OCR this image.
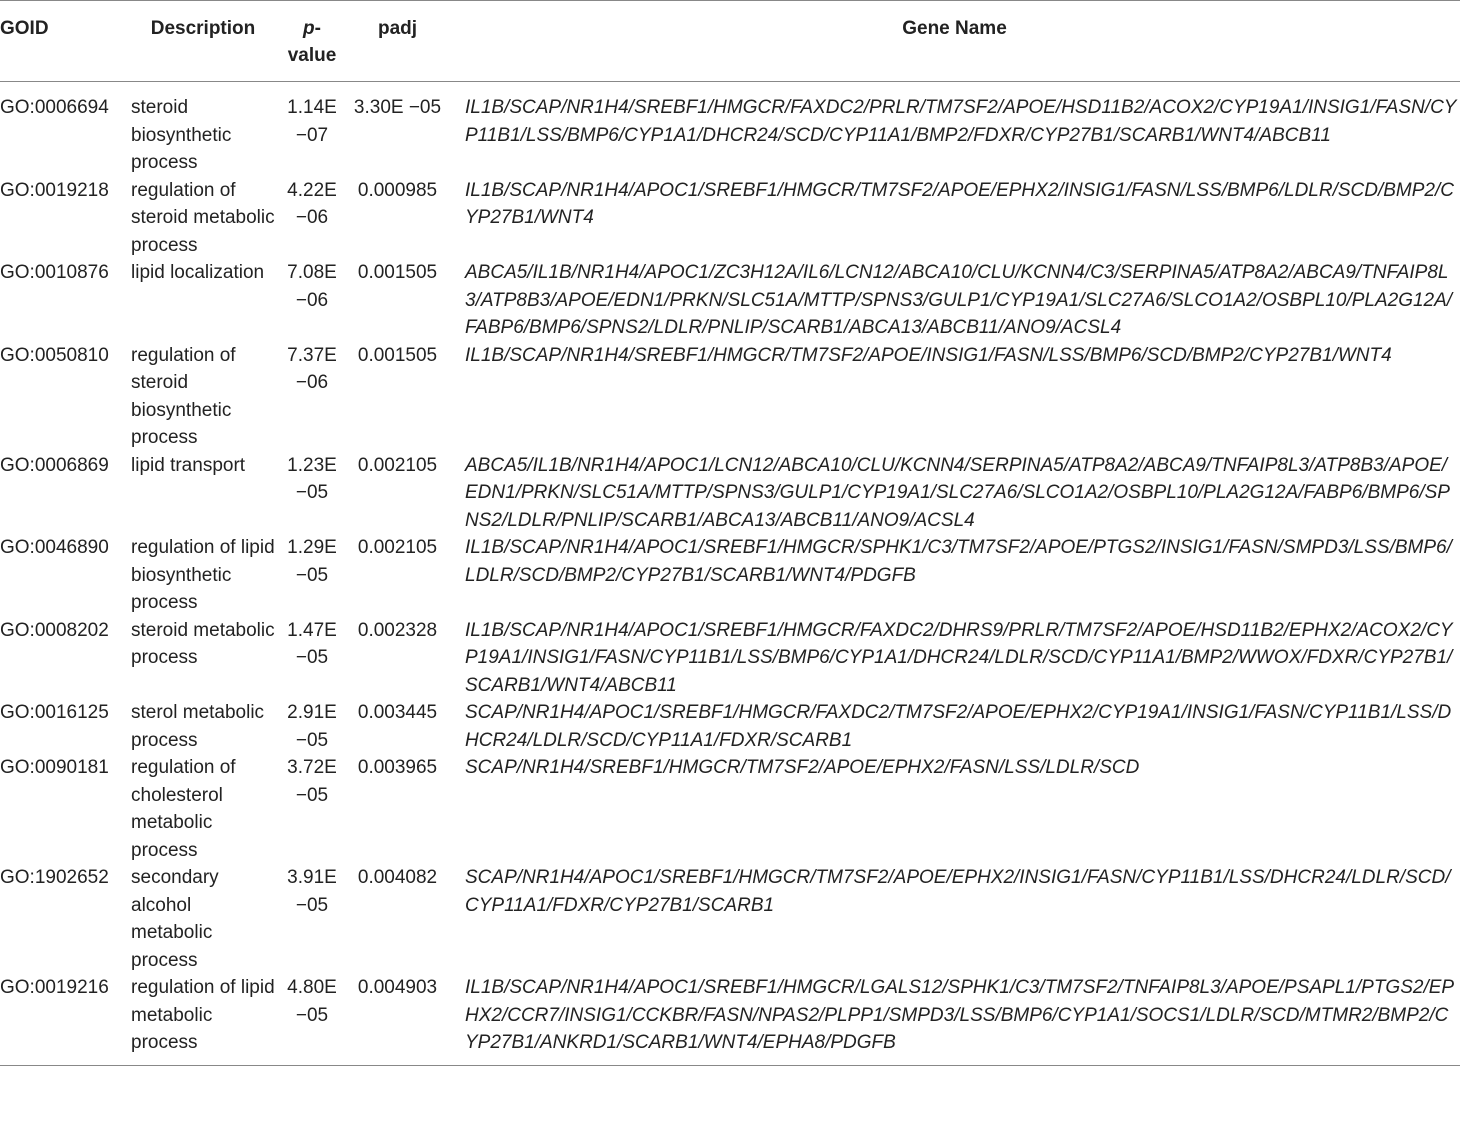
GOID	Description	p-value	padj	Gene Name
GO:0006694	steroid biosynthetic process	1.14E −07	3.30E −05	IL1B/SCAP/NR1H4/SREBF1/HMGCR/FAXDC2/PRLR/TM7SF2/APOE/HSD11B2/ACOX2/CYP19A1/INSIG1/FASN/CYP11B1/LSS/BMP6/CYP1A1/DHCR24/SCD/CYP11A1/BMP2/FDXR/CYP27B1/SCARB1/WNT4/ABCB11
GO:0019218	regulation of steroid metabolic process	4.22E −06	0.000985	IL1B/SCAP/NR1H4/APOC1/SREBF1/HMGCR/TM7SF2/APOE/EPHX2/INSIG1/FASN/LSS/BMP6/LDLR/SCD/BMP2/CYP27B1/WNT4
GO:0010876	lipid localization	7.08E −06	0.001505	ABCA5/IL1B/NR1H4/APOC1/ZC3H12A/IL6/LCN12/ABCA10/CLU/KCNN4/C3/SERPINA5/ATP8A2/ABCA9/TNFAIP8L3/ATP8B3/APOE/EDN1/PRKN/SLC51A/MTTP/SPNS3/GULP1/CYP19A1/SLC27A6/SLCO1A2/OSBPL10/PLA2G12A/FABP6/BMP6/SPNS2/LDLR/PNLIP/SCARB1/ABCA13/ABCB11/ANO9/ACSL4
GO:0050810	regulation of steroid biosynthetic process	7.37E −06	0.001505	IL1B/SCAP/NR1H4/SREBF1/HMGCR/TM7SF2/APOE/INSIG1/FASN/LSS/BMP6/SCD/BMP2/CYP27B1/WNT4
GO:0006869	lipid transport	1.23E −05	0.002105	ABCA5/IL1B/NR1H4/APOC1/LCN12/ABCA10/CLU/KCNN4/SERPINA5/ATP8A2/ABCA9/TNFAIP8L3/ATP8B3/APOE/EDN1/PRKN/SLC51A/MTTP/SPNS3/GULP1/CYP19A1/SLC27A6/SLCO1A2/OSBPL10/PLA2G12A/FABP6/BMP6/SPNS2/LDLR/PNLIP/SCARB1/ABCA13/ABCB11/ANO9/ACSL4
GO:0046890	regulation of lipid biosynthetic process	1.29E −05	0.002105	IL1B/SCAP/NR1H4/APOC1/SREBF1/HMGCR/SPHK1/C3/TM7SF2/APOE/PTGS2/INSIG1/FASN/SMPD3/LSS/BMP6/LDLR/SCD/BMP2/CYP27B1/SCARB1/WNT4/PDGFB
GO:0008202	steroid metabolic process	1.47E −05	0.002328	IL1B/SCAP/NR1H4/APOC1/SREBF1/HMGCR/FAXDC2/DHRS9/PRLR/TM7SF2/APOE/HSD11B2/EPHX2/ACOX2/CYP19A1/INSIG1/FASN/CYP11B1/LSS/BMP6/CYP1A1/DHCR24/LDLR/SCD/CYP11A1/BMP2/WWOX/FDXR/CYP27B1/SCARB1/WNT4/ABCB11
GO:0016125	sterol metabolic process	2.91E −05	0.003445	SCAP/NR1H4/APOC1/SREBF1/HMGCR/FAXDC2/TM7SF2/APOE/EPHX2/CYP19A1/INSIG1/FASN/CYP11B1/LSS/DHCR24/LDLR/SCD/CYP11A1/FDXR/SCARB1
GO:0090181	regulation of cholesterol metabolic process	3.72E −05	0.003965	SCAP/NR1H4/SREBF1/HMGCR/TM7SF2/APOE/EPHX2/FASN/LSS/LDLR/SCD
GO:1902652	secondary alcohol metabolic process	3.91E −05	0.004082	SCAP/NR1H4/APOC1/SREBF1/HMGCR/TM7SF2/APOE/EPHX2/INSIG1/FASN/CYP11B1/LSS/DHCR24/LDLR/SCD/CYP11A1/FDXR/CYP27B1/SCARB1
GO:0019216	regulation of lipid metabolic process	4.80E −05	0.004903	IL1B/SCAP/NR1H4/APOC1/SREBF1/HMGCR/LGALS12/SPHK1/C3/TM7SF2/TNFAIP8L3/APOE/PSAPL1/PTGS2/EPHX2/CCR7/INSIG1/CCKBR/FASN/NPAS2/PLPP1/SMPD3/LSS/BMP6/CYP1A1/SOCS1/LDLR/SCD/MTMR2/BMP2/CYP27B1/ANKRD1/SCARB1/WNT4/EPHA8/PDGFB
